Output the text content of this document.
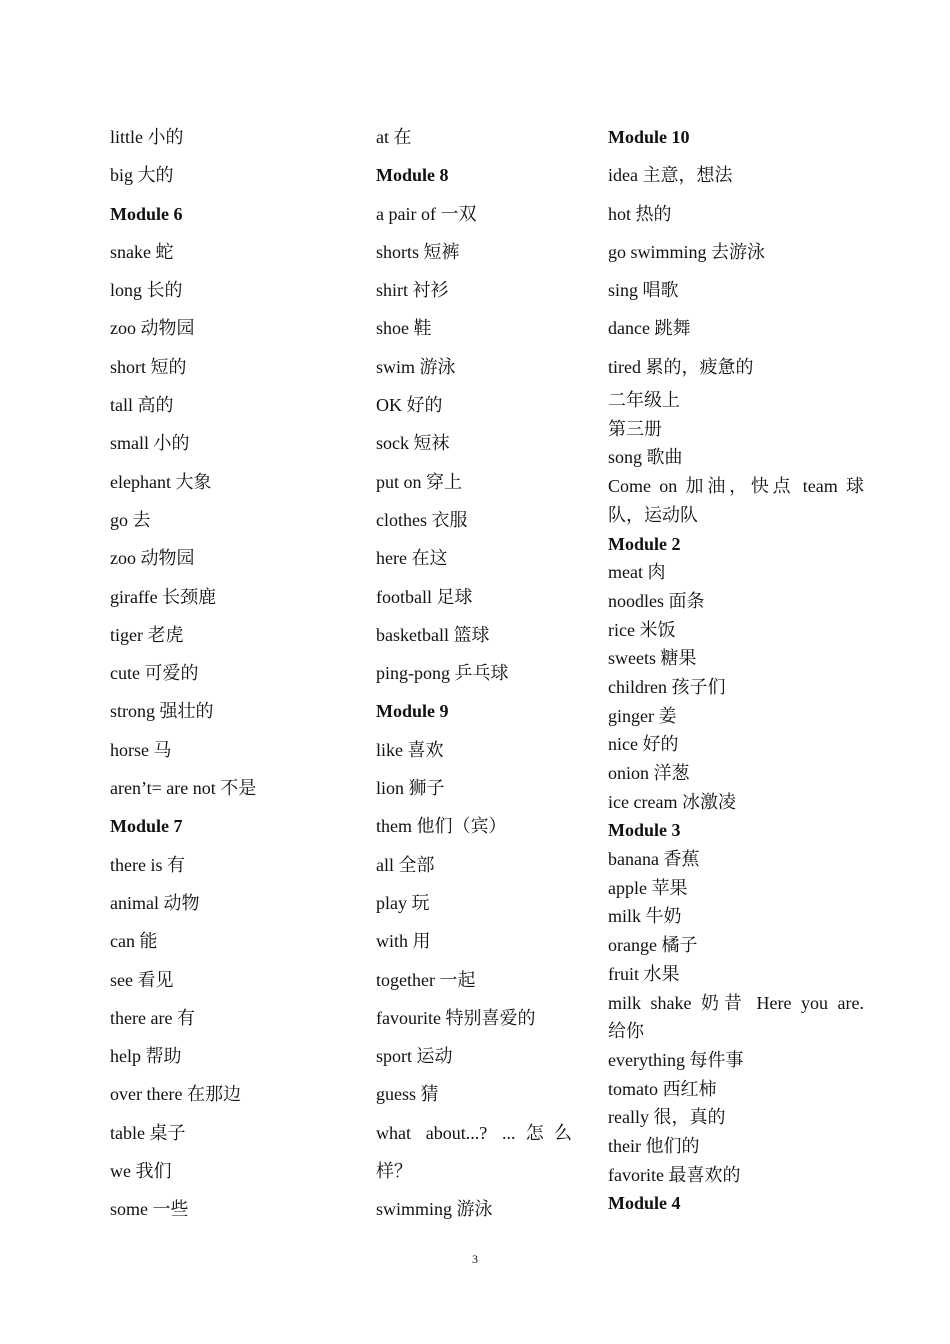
little 小的
big 大的
Module 6
snake 蛇
long 长的
zoo 动物园
short 短的
tall 高的
small 小的
elephant 大象
go 去
zoo 动物园
giraffe 长颈鹿
tiger 老虎
cute 可爱的
strong 强壮的
horse 马
aren’t= are not 不是
Module 7
there is 有
animal 动物
can 能
see 看见
there are 有
help 帮助
over there 在那边
table 桌子
we 我们
some 一些
at 在
Module 8
a pair of 一双
shorts 短裤
shirt 衬衫
shoe 鞋
swim 游泳
OK 好的
sock 短袜
put on 穿上
clothes 衣服
here 在这
football 足球
basketball 篮球
ping-pong 乒乓球
Module 9
like 喜欢
lion 狮子
them 他们（宾）
all 全部
play 玩
with 用
together 一起
favourite 特别喜爱的
sport 运动
guess 猜
what about...? ...怎么
样？
swimming 游泳
Module 10
idea 主意，想法
hot 热的
go swimming 去游泳
sing 唱歌
dance 跳舞
tired 累的，疲惫的
二年级上
第三册
song 歌曲
Come on 加油，快点 team 球
队，运动队
Module 2
meat 肉
noodles 面条
rice 米饭
sweets 糖果
children 孩子们
ginger 姜
nice 好的
onion 洋葱
ice cream 冰激凌
Module 3
banana 香蕉
apple 苹果
milk 牛奶
orange 橘子
fruit 水果
milk shake 奶昔 Here you are.
给你
everything 每件事
tomato 西红柿
really 很，真的
their 他们的
favorite 最喜欢的
Module 4
3
